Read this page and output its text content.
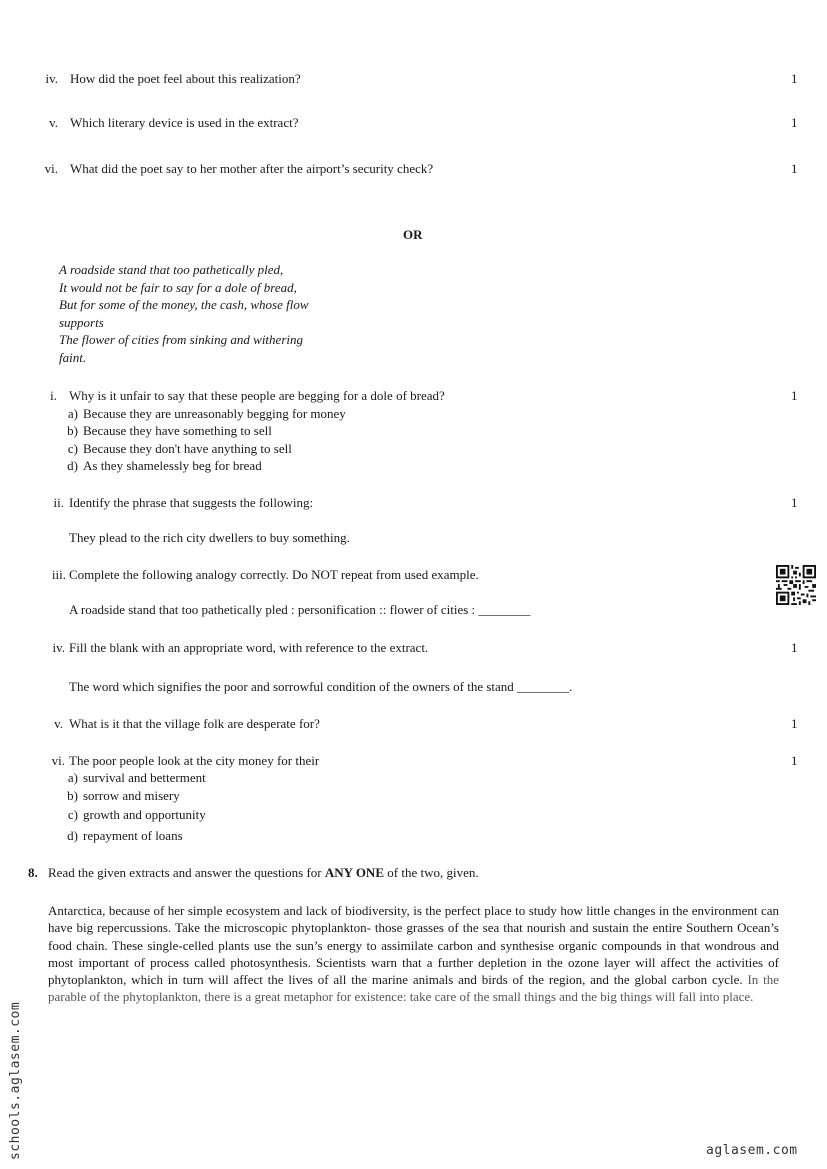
iv. How did the poet feel about this realization?	1
v. Which literary device is used in the extract?	1
vi. What did the poet say to her mother after the airport’s security check?	1
OR
A roadside stand that too pathetically pled,
It would not be fair to say for a dole of bread,
But for some of the money, the cash, whose flow
supports
The flower of cities from sinking and withering
faint.
i. Why is it unfair to say that these people are begging for a dole of bread?	1
a) Because they are unreasonably begging for money
b) Because they have something to sell
c) Because they don't have anything to sell
d) As they shamelessly beg for bread
ii. Identify the phrase that suggests the following:	1
They plead to the rich city dwellers to buy something.
iii. Complete the following analogy correctly. Do NOT repeat from used example.
A roadside stand that too pathetically pled : personification :: flower of cities : ________
iv. Fill the blank with an appropriate word, with reference to the extract.	1
The word which signifies the poor and sorrowful condition of the owners of the stand ________.
v. What is it that the village folk are desperate for?	1
vi. The poor people look at the city money for their	1
a) survival and betterment
b) sorrow and misery
c) growth and opportunity
d) repayment of loans
8. Read the given extracts and answer the questions for ANY ONE of the two, given.
Antarctica, because of her simple ecosystem and lack of biodiversity, is the perfect place to study how little changes in the environment can have big repercussions. Take the microscopic phytoplankton- those grasses of the sea that nourish and sustain the entire Southern Ocean’s food chain. These single-celled plants use the sun’s energy to assimilate carbon and synthesise organic compounds in that wondrous and most important of process called photosynthesis. Scientists warn that a further depletion in the ozone layer will affect the activities of phytoplankton, which in turn will affect the lives of all the marine animals and birds of the region, and the global carbon cycle. In the parable of the phytoplankton, there is a great metaphor for existence: take care of the small things and the big things will fall into place.
schools.aglasem.com	aglasem.com
